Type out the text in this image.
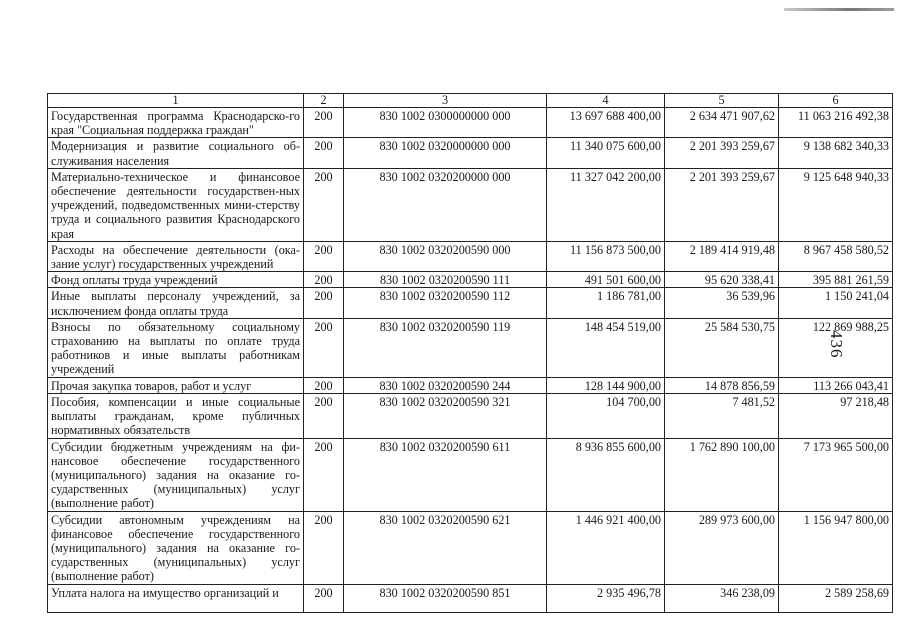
1	2	3	4	5	6
Государственная программа Краснодарско-го края "Социальная поддержка граждан"	200	830 1002 0300000000 000	13 697 688 400,00	2 634 471 907,62	11 063 216 492,38
Модернизация и развитие социального об-служивания населения	200	830 1002 0320000000 000	11 340 075 600,00	2 201 393 259,67	9 138 682 340,33
Материально-техническое и финансовое обеспечение деятельности государствен-ных учреждений, подведомственных мини-стерству труда и социального развития Краснодарского края	200	830 1002 0320200000 000	11 327 042 200,00	2 201 393 259,67	9 125 648 940,33
Расходы на обеспечение деятельности (ока-зание услуг) государственных учреждений	200	830 1002 0320200590 000	11 156 873 500,00	2 189 414 919,48	8 967 458 580,52
Фонд оплаты труда учреждений	200	830 1002 0320200590 111	491 501 600,00	95 620 338,41	395 881 261,59
Иные выплаты персоналу учреждений, за исключением фонда оплаты труда	200	830 1002 0320200590 112	1 186 781,00	36 539,96	1 150 241,04
Взносы по обязательному социальному страхованию на выплаты по оплате труда работников и иные выплаты работникам учреждений	200	830 1002 0320200590 119	148 454 519,00	25 584 530,75	122 869 988,25
Прочая закупка товаров, работ и услуг	200	830 1002 0320200590 244	128 144 900,00	14 878 856,59	113 266 043,41
Пособия, компенсации и иные социальные выплаты гражданам, кроме публичных нормативных обязательств	200	830 1002 0320200590 321	104 700,00	7 481,52	97 218,48
Субсидии бюджетным учреждениям на фи-нансовое обеспечение государственного (муниципального) задания на оказание го-сударственных (муниципальных) услуг (выполнение работ)	200	830 1002 0320200590 611	8 936 855 600,00	1 762 890 100,00	7 173 965 500,00
Субсидии автономным учреждениям на финансовое обеспечение государственного (муниципального) задания на оказание го-сударственных (муниципальных) услуг (выполнение работ)	200	830 1002 0320200590 621	1 446 921 400,00	289 973 600,00	1 156 947 800,00
Уплата налога на имущество организаций и	200	830 1002 0320200590 851	2 935 496,78	346 238,09	2 589 258,69
436
